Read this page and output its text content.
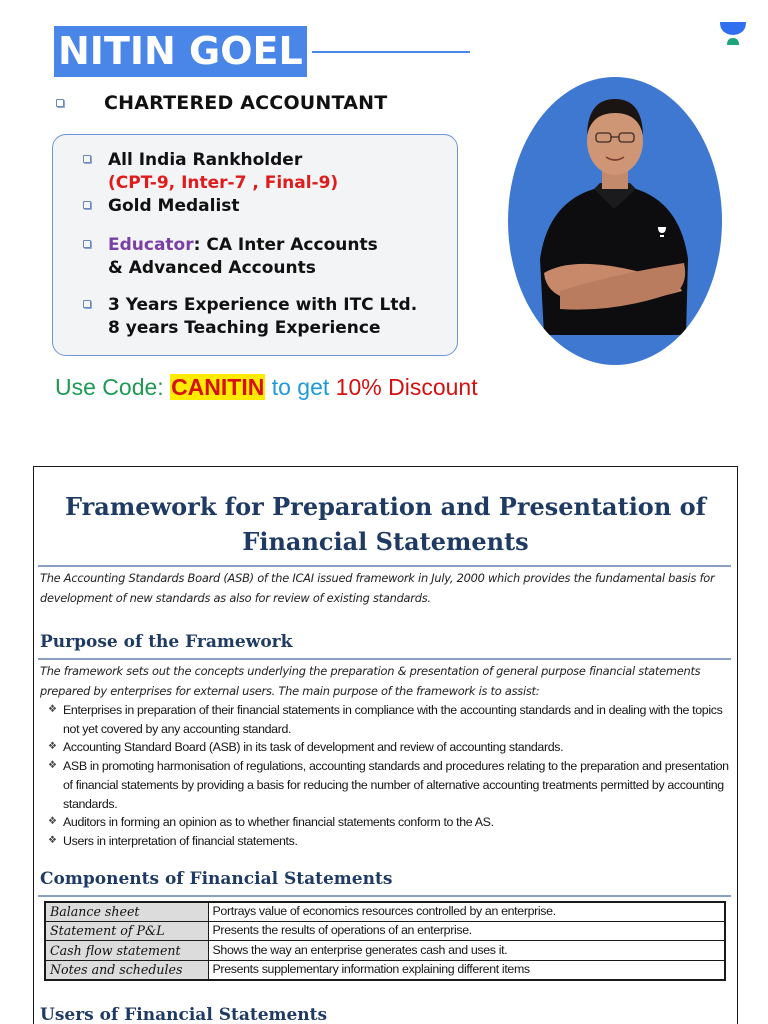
NITIN GOEL
CHARTERED ACCOUNTANT
All India Rankholder
(CPT-9, Inter-7 , Final-9)
Gold Medalist
Educator: CA Inter Accounts
& Advanced Accounts
3 Years Experience with ITC Ltd.
8 years Teaching Experience
Use Code: CANITIN to get 10% Discount
Framework for Preparation and Presentation of
Financial Statements

The Accounting Standards Board (ASB) of the ICAI issued framework in July, 2000 which provides the fundamental basis for development of new standards as also for review of existing standards.

Purpose of the Framework

The framework sets out the concepts underlying the preparation & presentation of general purpose financial statements prepared by enterprises for external users. The main purpose of the framework is to assist:

❖ Enterprises in preparation of their financial statements in compliance with the accounting standards and in dealing with the topics not yet covered by any accounting standard.
❖ Accounting Standard Board (ASB) in its task of development and review of accounting standards.
❖ ASB in promoting harmonisation of regulations, accounting standards and procedures relating to the preparation and presentation of financial statements by providing a basis for reducing the number of alternative accounting treatments permitted by accounting standards.
❖ Auditors in forming an opinion as to whether financial statements conform to the AS.
❖ Users in interpretation of financial statements.
Components of Financial Statements
Balance sheet	Portrays value of economics resources controlled by an enterprise.
Statement of P&L	Presents the results of operations of an enterprise.
Cash flow statement	Shows the way an enterprise generates cash and uses it.
Notes and schedules	Presents supplementary information explaining different items
Users of Financial Statements
